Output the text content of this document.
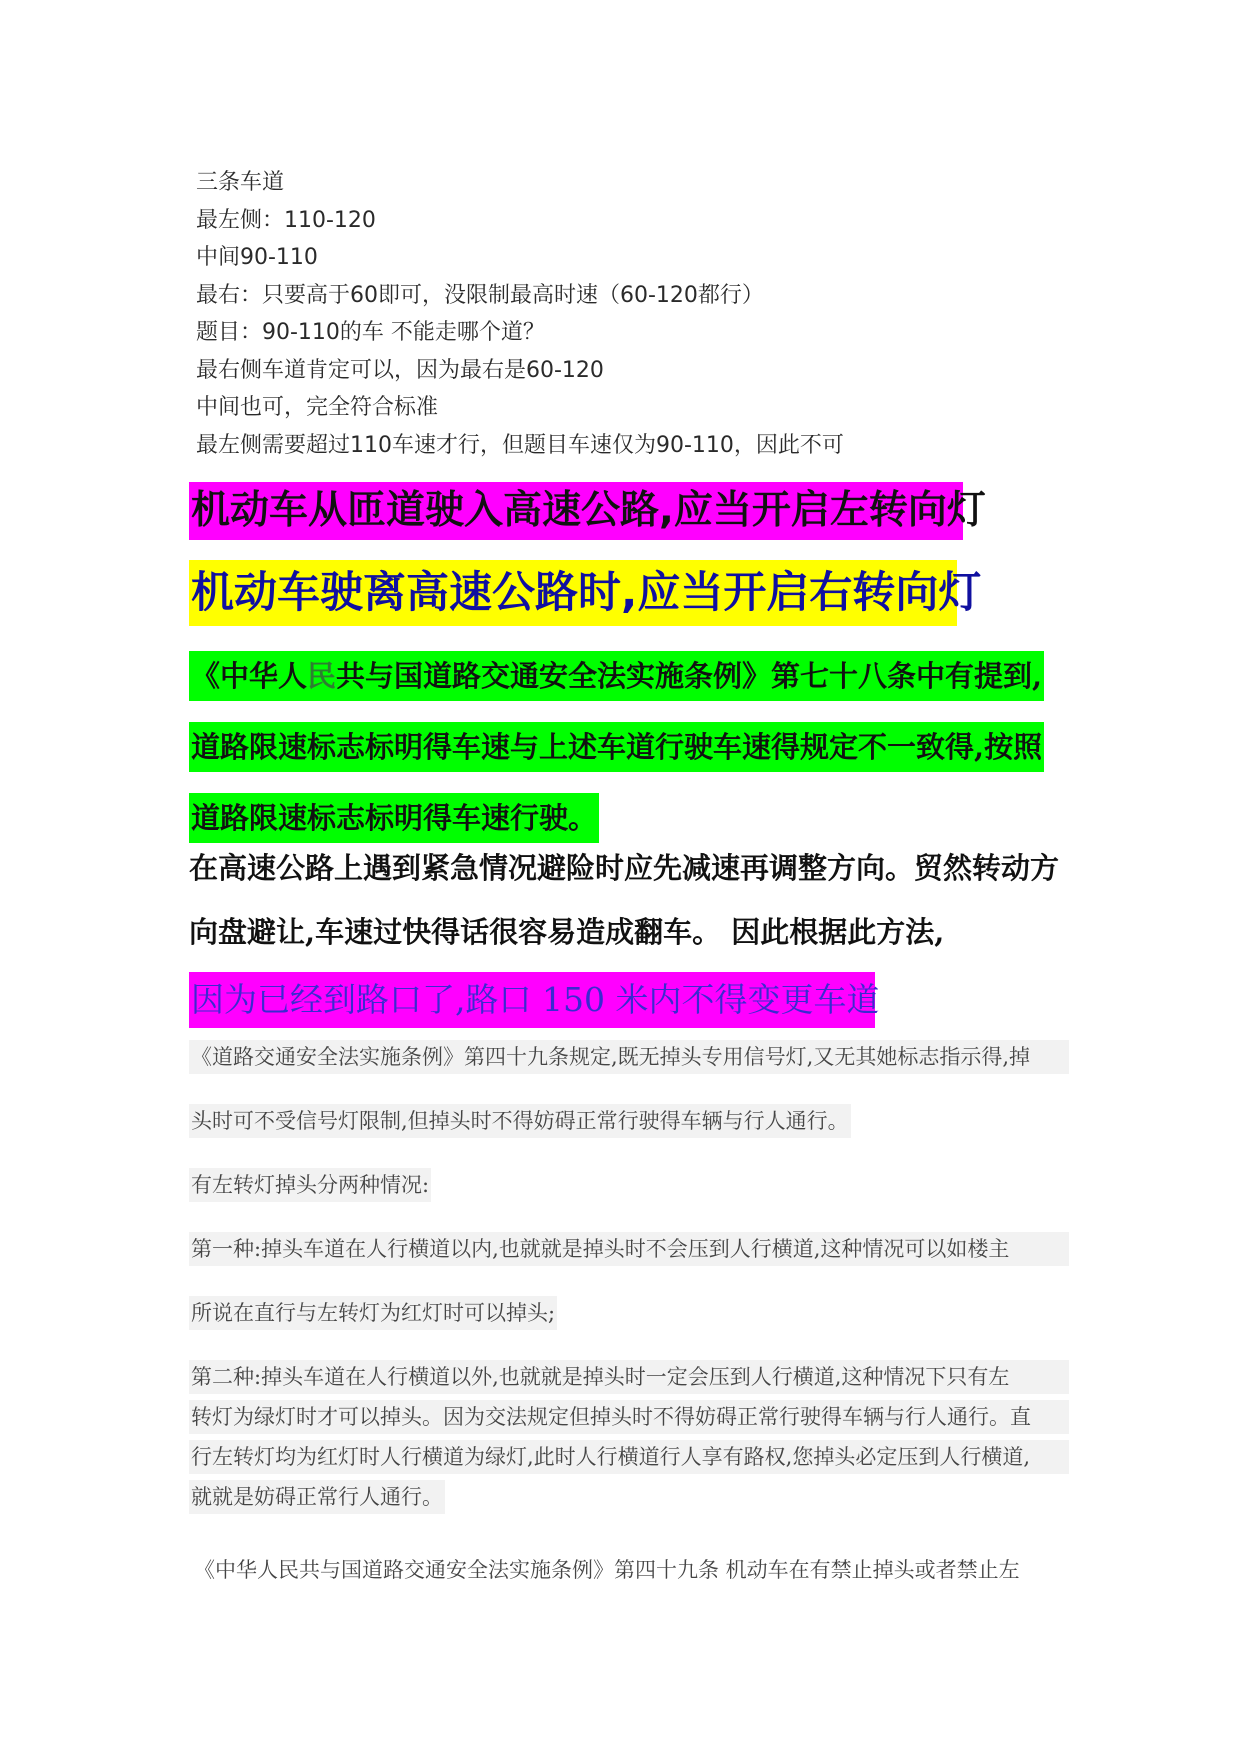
三条车道
最左侧：110-120
中间90-110
最右：只要高于60即可，没限制最高时速（60-120都行）
题目：90-110的车 不能走哪个道？
最右侧车道肯定可以，因为最右是60-120
中间也可，完全符合标准
最左侧需要超过110车速才行，但题目车速仅为90-110，因此不可
机动车从匝道驶入高速公路,应当开启左转向灯
机动车驶离高速公路时,应当开启右转向灯
《中华人民共与国道路交通安全法实施条例》第七十八条中有提到,
道路限速标志标明得车速与上述车道行驶车速得规定不一致得,按照
道路限速标志标明得车速行驶。
在高速公路上遇到紧急情况避险时应先减速再调整方向。贸然转动方
向盘避让,车速过快得话很容易造成翻车。 因此根据此方法,
因为已经到路口了,路口 150 米内不得变更车道
《道路交通安全法实施条例》第四十九条规定,既无掉头专用信号灯,又无其她标志指示得,掉
头时可不受信号灯限制,但掉头时不得妨碍正常行驶得车辆与行人通行。
有左转灯掉头分两种情况:

第一种:掉头车道在人行横道以内,也就就是掉头时不会压到人行横道,这种情况可以如楼主
所说在直行与左转灯为红灯时可以掉头;

第二种:掉头车道在人行横道以外,也就就是掉头时一定会压到人行横道,这种情况下只有左
转灯为绿灯时才可以掉头。因为交法规定但掉头时不得妨碍正常行驶得车辆与行人通行。直
行左转灯均为红灯时人行横道为绿灯,此时人行横道行人享有路权,您掉头必定压到人行横道,
就就是妨碍正常行人通行。
《中华人民共与国道路交通安全法实施条例》第四十九条 机动车在有禁止掉头或者禁止左
